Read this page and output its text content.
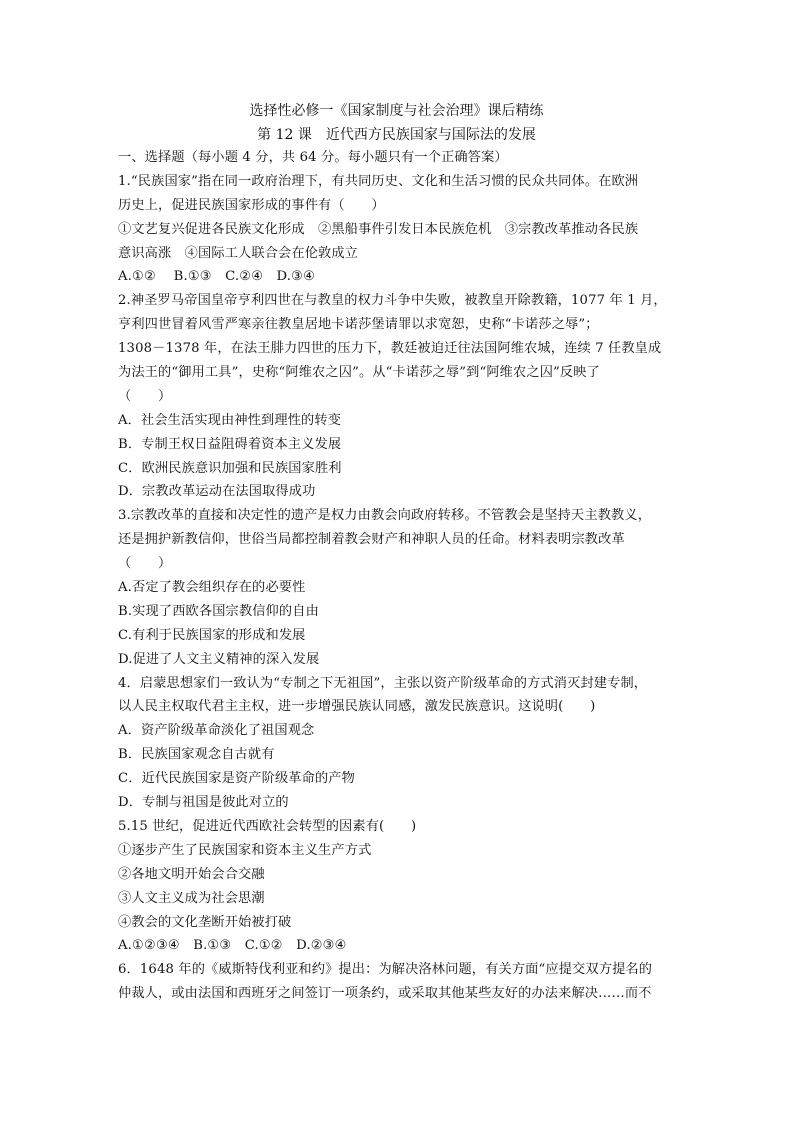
选择性必修一《国家制度与社会治理》课后精练
第 12 课　近代西方民族国家与国际法的发展
一、选择题（每小题 4 分，共 64 分。每小题只有一个正确答案）
1.“民族国家”指在同一政府治理下，有共同历史、文化和生活习惯的民众共同体。在欧洲
历史上，促进民族国家形成的事件有（　　）
①文艺复兴促进各民族文化形成　②黑船事件引发日本民族危机　③宗教改革推动各民族
意识高涨　④国际工人联合会在伦敦成立
A.①②　 B.①③　C.②④　D.③④
2.神圣罗马帝国皇帝亨利四世在与教皇的权力斗争中失败，被教皇开除教籍，1077 年 1 月，
亨利四世冒着风雪严寒亲往教皇居地卡诺莎堡请罪以求宽恕，史称“卡诺莎之辱”；
1308－1378 年，在法王腓力四世的压力下，教廷被迫迁往法国阿维农城，连续 7 任教皇成
为法王的“御用工具”，史称“阿维农之囚”。从“卡诺莎之辱”到“阿维农之囚”反映了
（　　）
A．社会生活实现由神性到理性的转变
B．专制王权日益阻碍着资本主义发展
C．欧洲民族意识加强和民族国家胜利
D．宗教改革运动在法国取得成功
3.宗教改革的直接和决定性的遗产是权力由教会向政府转移。不管教会是坚持天主教教义，
还是拥护新教信仰，世俗当局都控制着教会财产和神职人员的任命。材料表明宗教改革
（　　）
A.否定了教会组织存在的必要性
B.实现了西欧各国宗教信仰的自由
C.有利于民族国家的形成和发展
D.促进了人文主义精神的深入发展
4．启蒙思想家们一致认为“专制之下无祖国”，主张以资产阶级革命的方式消灭封建专制，
以人民主权取代君主主权，进一步增强民族认同感，激发民族意识。这说明(　　)
A．资产阶级革命淡化了祖国观念
B．民族国家观念自古就有
C．近代民族国家是资产阶级革命的产物
D．专制与祖国是彼此对立的
5.15 世纪，促进近代西欧社会转型的因素有(　　)
①逐步产生了民族国家和资本主义生产方式
②各地文明开始会合交融
③人文主义成为社会思潮
④教会的文化垄断开始被打破
A.①②③④　B.①③　C.①②　D.②③④
6．1648 年的《威斯特伐利亚和约》提出：为解决洛林问题，有关方面“应提交双方提名的
仲裁人，或由法国和西班牙之间签订一项条约，或采取其他某些友好的办法来解决……而不
